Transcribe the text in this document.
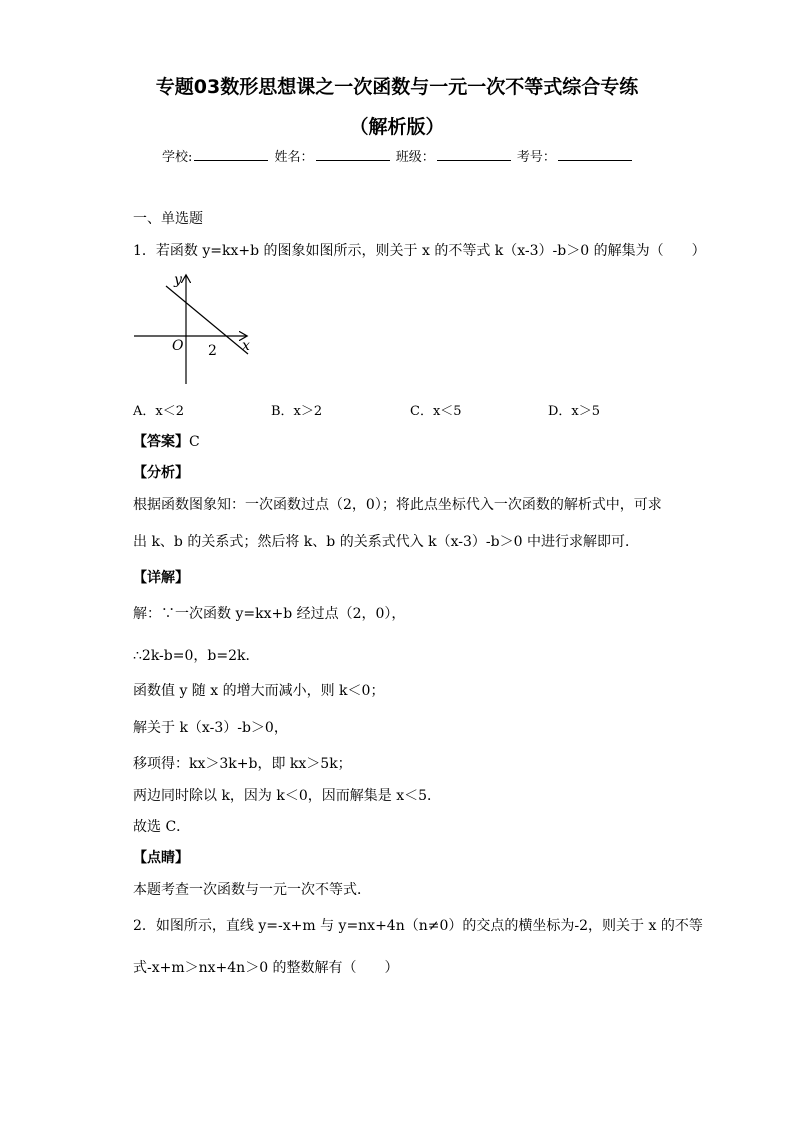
专题03数形思想课之一次函数与一元一次不等式综合专练
（解析版）
学校:	姓名：	班级：	考号：
一、单选题
1．若函数 y=kx+b 的图象如图所示，则关于 x 的不等式 k（x-3）-b＞0 的解集为（　　）
y
x
O 2
A．x＜2	B．x＞2	C．x＜5	D．x＞5
【答案】C
【分析】
根据函数图象知：一次函数过点（2，0）；将此点坐标代入一次函数的解析式中，可求
出 k、b 的关系式；然后将 k、b 的关系式代入 k（x-3）-b＞0 中进行求解即可．
【详解】
解：∵一次函数 y=kx+b 经过点（2，0），
∴2k-b=0，b=2k．
函数值 y 随 x 的增大而减小，则 k＜0；
解关于 k（x-3）-b＞0，
移项得：kx＞3k+b，即 kx＞5k；
两边同时除以 k，因为 k＜0，因而解集是 x＜5．
故选 C．
【点睛】
本题考查一次函数与一元一次不等式．
2．如图所示，直线 y=-x+m 与 y=nx+4n（n≠0）的交点的横坐标为-2，则关于 x 的不等
式-x+m＞nx+4n＞0 的整数解有（　　）
